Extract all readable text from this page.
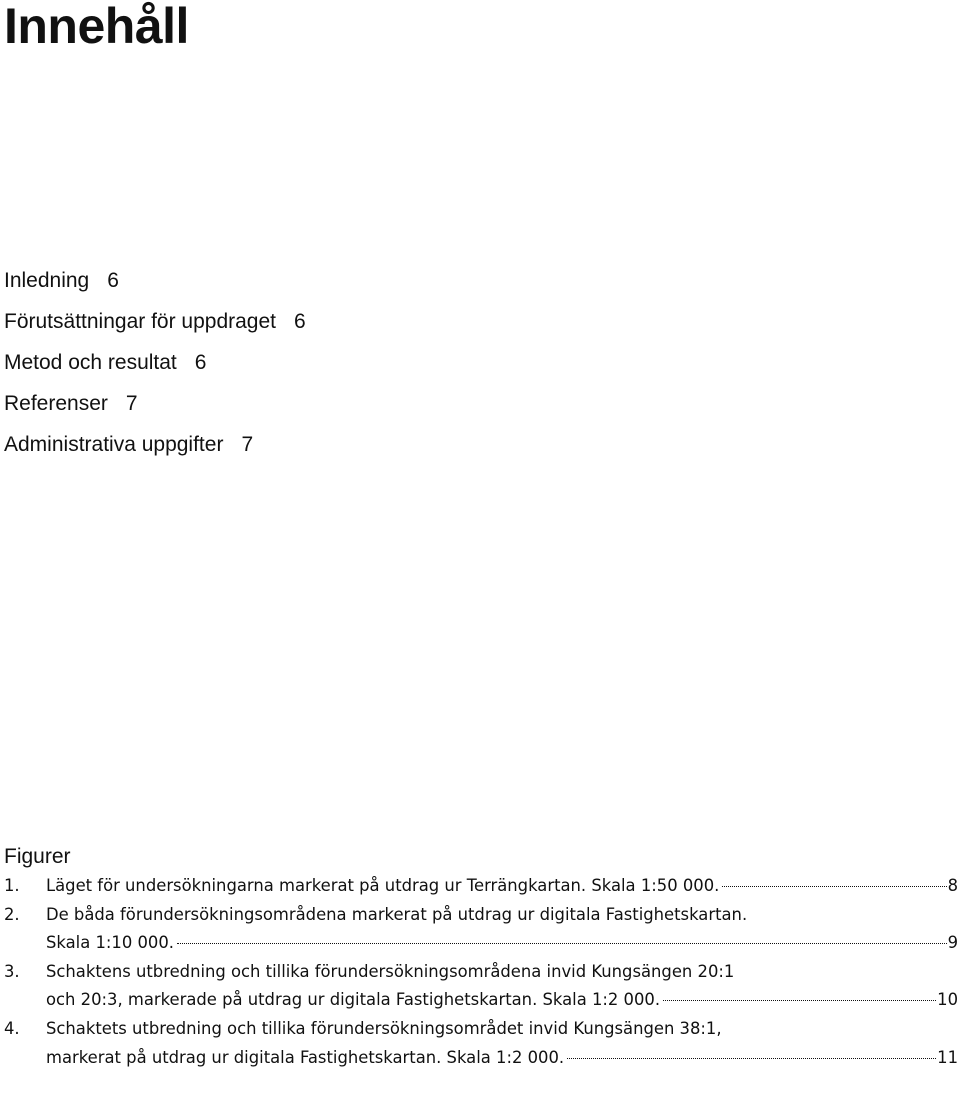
Innehåll
Inledning 6
Förutsättningar för uppdraget 6
Metod och resultat 6
Referenser 7
Administrativa uppgifter 7
Figurer
1.	Läget för undersökningarna markerat på utdrag ur Terrängkartan. Skala 1:50 000.	8
2.	De båda förundersökningsområdena markerat på utdrag ur digitala Fastighetskartan.
Skala 1:10 000.	9
3.	Schaktens utbredning och tillika förundersökningsområdena invid Kungsängen 20:1
och 20:3, markerade på utdrag ur digitala Fastighetskartan. Skala 1:2 000.	10
4.	Schaktets utbredning och tillika förundersökningsområdet invid Kungsängen 38:1,
markerat på utdrag ur digitala Fastighetskartan. Skala 1:2 000.	11
